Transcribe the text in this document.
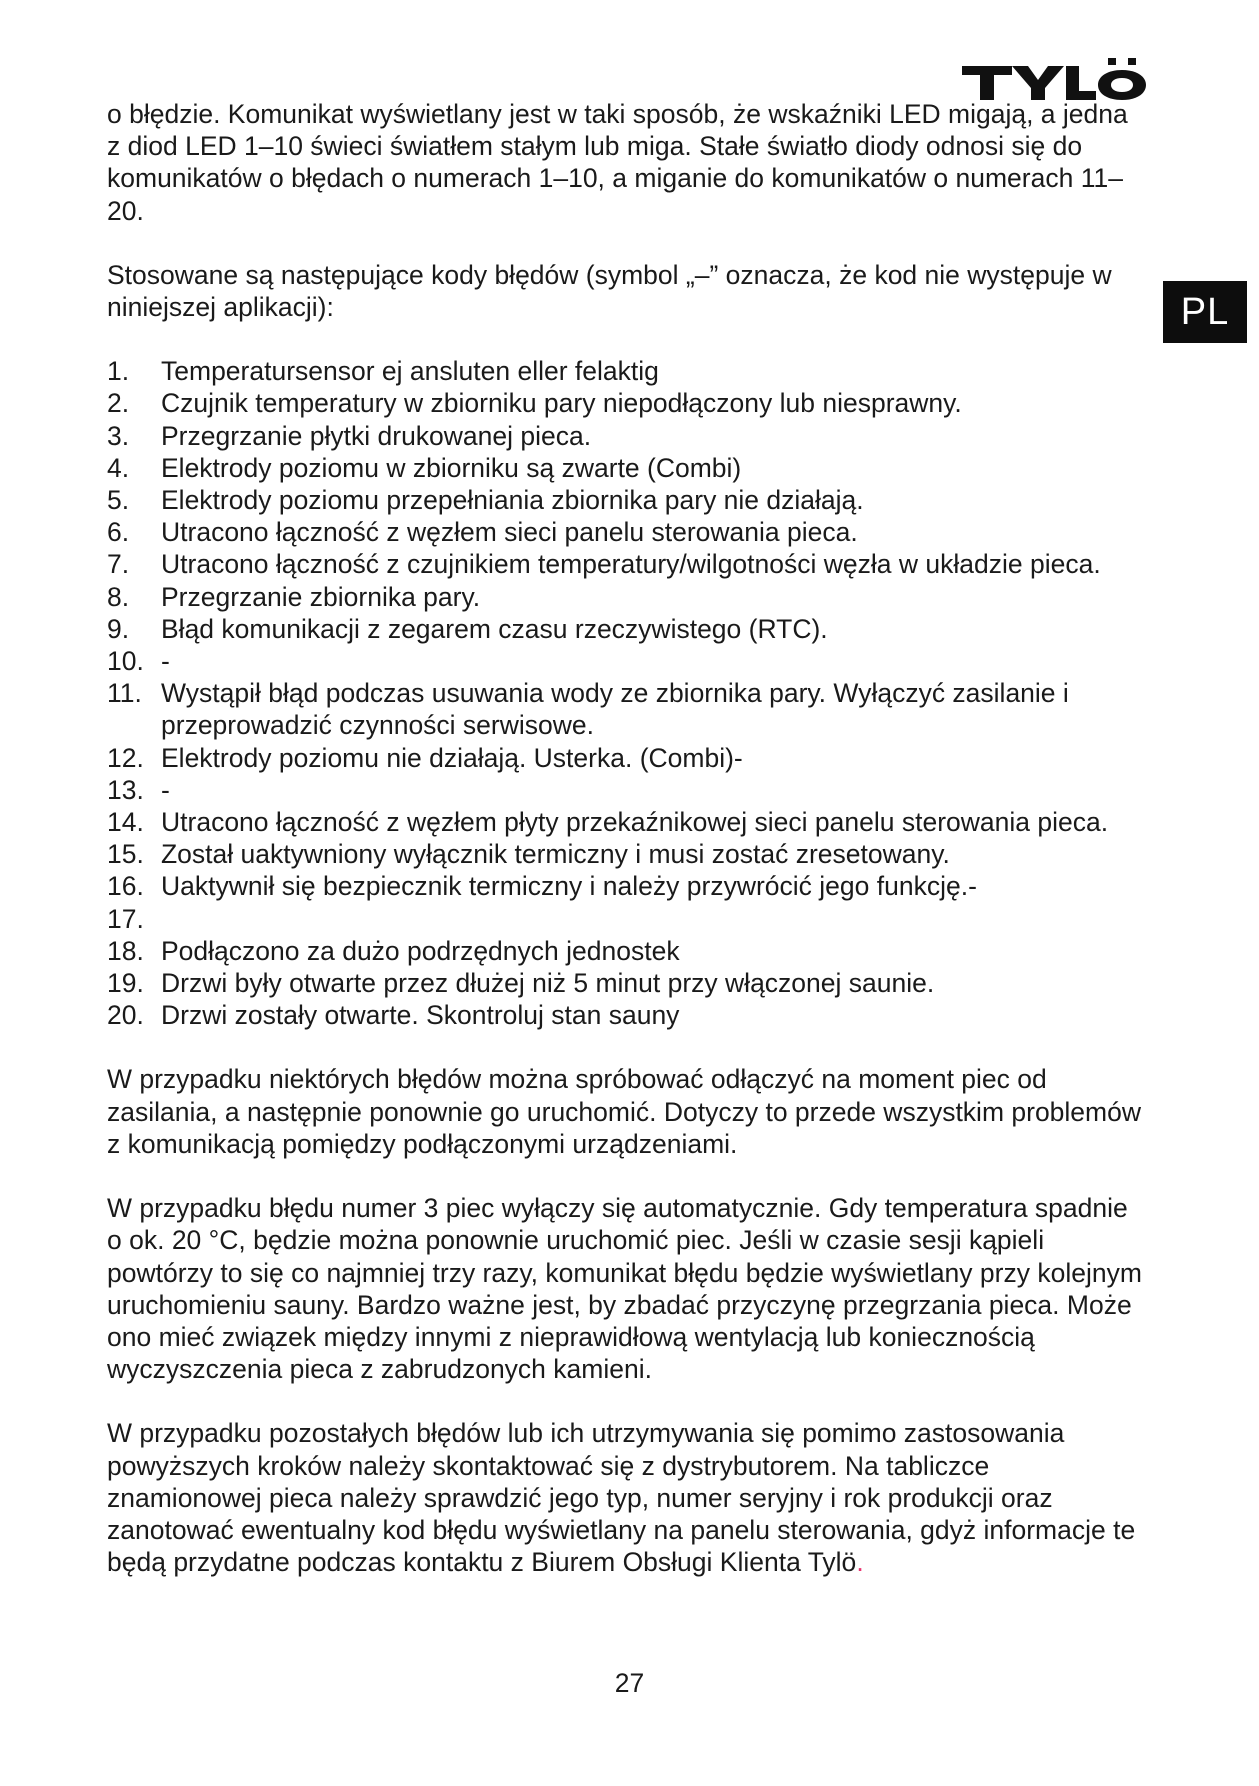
PL

o błędzie. Komunikat wyświetlany jest w taki sposób, że wskaźniki LED migają, a jedna z diod LED 1–10 świeci światłem stałym lub miga. Stałe światło diody odnosi się do komunikatów o błędach o numerach 1–10, a miganie do komunikatów o numerach 11–20.

Stosowane są następujące kody błędów (symbol „–” oznacza, że kod nie występuje w niniejszej aplikacji):

1.	Temperatursensor ej ansluten eller felaktig
2.	Czujnik temperatury w zbiorniku pary niepodłączony lub niesprawny.
3.	Przegrzanie płytki drukowanej pieca.
4.	Elektrody poziomu w zbiorniku są zwarte (Combi)
5.	Elektrody poziomu przepełniania zbiornika pary nie działają.
6.	Utracono łączność z węzłem sieci panelu sterowania pieca.
7.	Utracono łączność z czujnikiem temperatury/wilgotności węzła w układzie pieca.
8.	Przegrzanie zbiornika pary.
9.	Błąd komunikacji z zegarem czasu rzeczywistego (RTC).
10. -
11. Wystąpił błąd podczas usuwania wody ze zbiornika pary. Wyłączyć zasilanie i przeprowadzić czynności serwisowe.
12. Elektrody poziomu nie działają. Usterka. (Combi)-
13. -
14. Utracono łączność z węzłem płyty przekaźnikowej sieci panelu sterowania pieca.
15. Został uaktywniony wyłącznik termiczny i musi zostać zresetowany.
16. Uaktywnił się bezpiecznik termiczny i należy przywrócić jego funkcję.-
17.
18. Podłączono za dużo podrzędnych jednostek
19. Drzwi były otwarte przez dłużej niż 5 minut przy włączonej saunie.
20. Drzwi zostały otwarte. Skontroluj stan sauny

W przypadku niektórych błędów można spróbować odłączyć na moment piec od zasilania, a następnie ponownie go uruchomić. Dotyczy to przede wszystkim problemów z komunikacją pomiędzy podłączonymi urządzeniami.

W przypadku błędu numer 3 piec wyłączy się automatycznie. Gdy temperatura spadnie o ok. 20 °C, będzie można ponownie uruchomić piec. Jeśli w czasie sesji kąpieli powtórzy to się co najmniej trzy razy, komunikat błędu będzie wyświetlany przy kolejnym uruchomieniu sauny. Bardzo ważne jest, by zbadać przyczynę przegrzania pieca. Może ono mieć związek między innymi z nieprawidłową wentylacją lub koniecznością wyczyszczenia pieca z zabrudzonych kamieni.

W przypadku pozostałych błędów lub ich utrzymywania się pomimo zastosowania powyższych kroków należy skontaktować się z dystrybutorem. Na tabliczce znamionowej pieca należy sprawdzić jego typ, numer seryjny i rok produkcji oraz zanotować ewentualny kod błędu wyświetlany na panelu sterowania, gdyż informacje te będą przydatne podczas kontaktu z Biurem Obsługi Klienta Tylö.

27
